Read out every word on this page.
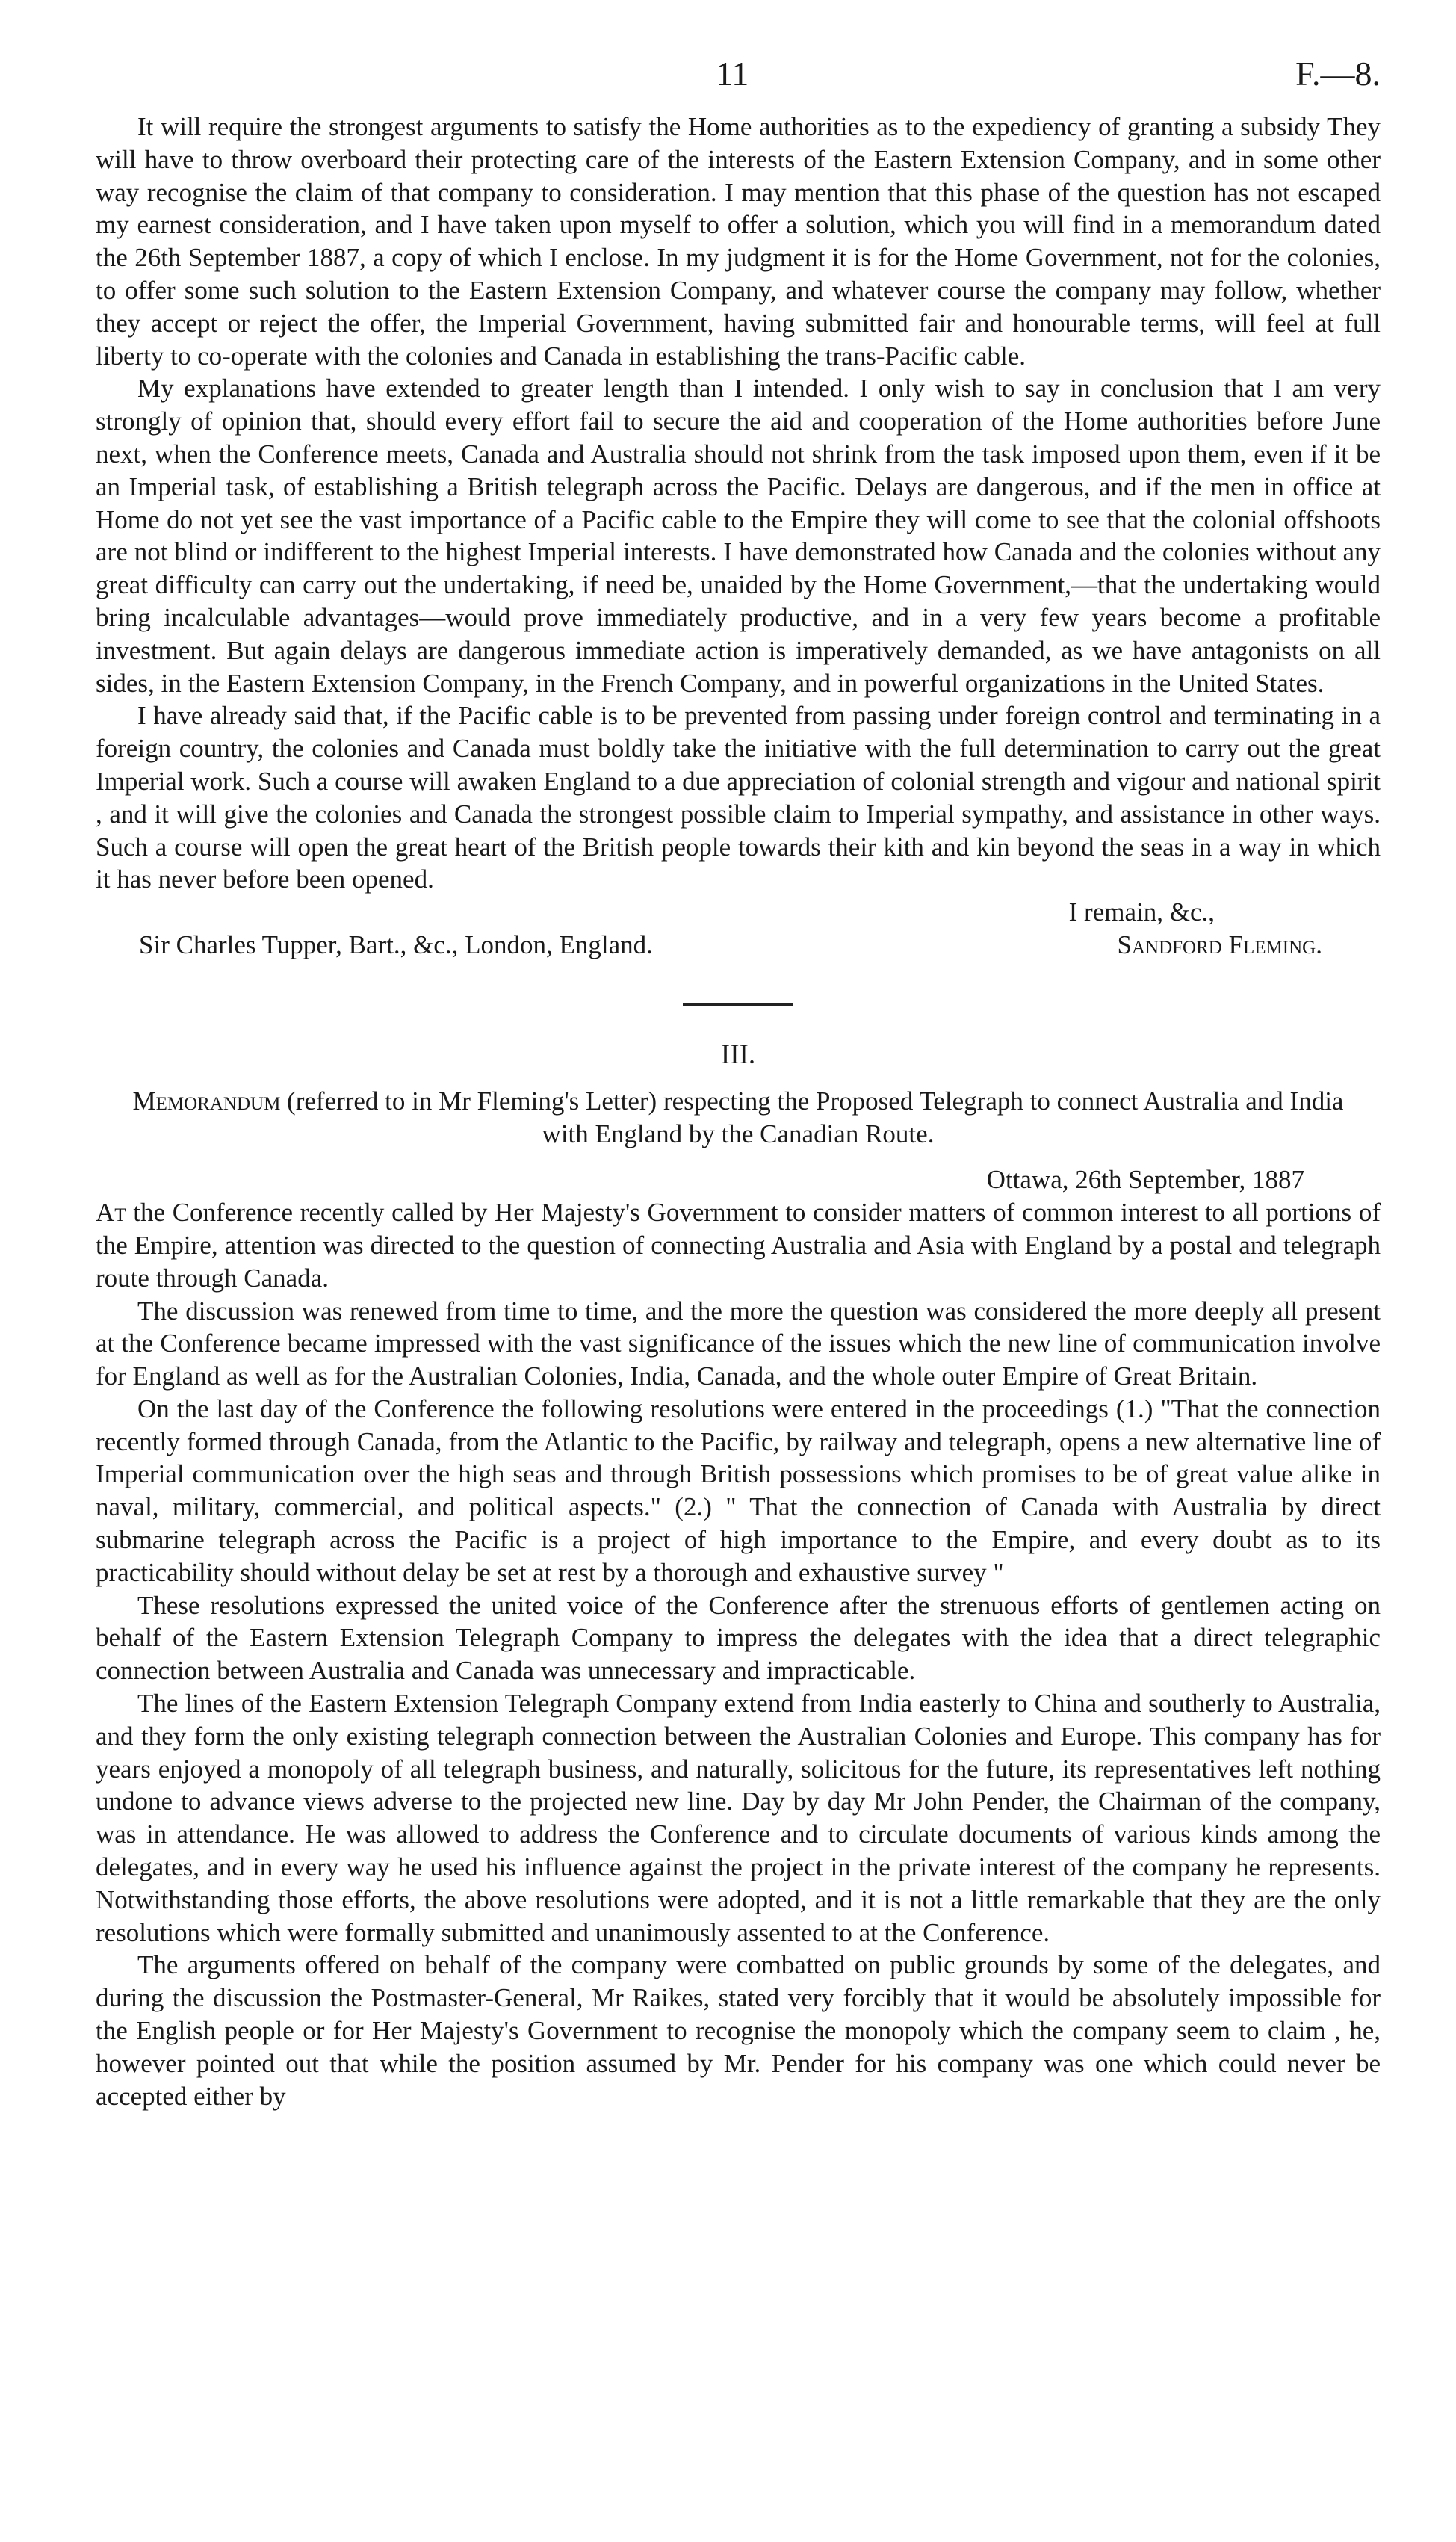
11	F.—8.

It will require the strongest arguments to satisfy the Home authorities as to the expediency of granting a subsidy They will have to throw overboard their protecting care of the interests of the Eastern Extension Company, and in some other way recognise the claim of that company to consideration. I may mention that this phase of the question has not escaped my earnest consideration, and I have taken upon myself to offer a solution, which you will find in a memorandum dated the 26th September 1887, a copy of which I enclose. In my judgment it is for the Home Government, not for the colonies, to offer some such solution to the Eastern Extension Company, and whatever course the company may follow, whether they accept or reject the offer, the Imperial Government, having submitted fair and honourable terms, will feel at full liberty to co-operate with the colonies and Canada in establishing the trans-Pacific cable.

My explanations have extended to greater length than I intended. I only wish to say in conclusion that I am very strongly of opinion that, should every effort fail to secure the aid and cooperation of the Home authorities before June next, when the Conference meets, Canada and Australia should not shrink from the task imposed upon them, even if it be an Imperial task, of establishing a British telegraph across the Pacific. Delays are dangerous, and if the men in office at Home do not yet see the vast importance of a Pacific cable to the Empire they will come to see that the colonial offshoots are not blind or indifferent to the highest Imperial interests. I have demonstrated how Canada and the colonies without any great difficulty can carry out the undertaking, if need be, unaided by the Home Government,—that the undertaking would bring incalculable advantages—would prove immediately productive, and in a very few years become a profitable investment. But again delays are dangerous immediate action is imperatively demanded, as we have antagonists on all sides, in the Eastern Extension Company, in the French Company, and in powerful organizations in the United States.

I have already said that, if the Pacific cable is to be prevented from passing under foreign control and terminating in a foreign country, the colonies and Canada must boldly take the initiative with the full determination to carry out the great Imperial work. Such a course will awaken England to a due appreciation of colonial strength and vigour and national spirit , and it will give the colonies and Canada the strongest possible claim to Imperial sympathy, and assistance in other ways. Such a course will open the great heart of the British people towards their kith and kin beyond the seas in a way in which it has never before been opened.

I remain, &c.,
Sir Charles Tupper, Bart., &c., London, England.	Sandford Fleming.
III.
Memorandum (referred to in Mr Fleming's Letter) respecting the Proposed Telegraph to connect Australia and India with England by the Canadian Route.
Ottawa, 26th September, 1887

At the Conference recently called by Her Majesty's Government to consider matters of common interest to all portions of the Empire, attention was directed to the question of connecting Australia and Asia with England by a postal and telegraph route through Canada.

The discussion was renewed from time to time, and the more the question was considered the more deeply all present at the Conference became impressed with the vast significance of the issues which the new line of communication involve for England as well as for the Australian Colonies, India, Canada, and the whole outer Empire of Great Britain.

On the last day of the Conference the following resolutions were entered in the proceedings (1.) "That the connection recently formed through Canada, from the Atlantic to the Pacific, by railway and telegraph, opens a new alternative line of Imperial communication over the high seas and through British possessions which promises to be of great value alike in naval, military, commercial, and political aspects." (2.) " That the connection of Canada with Australia by direct submarine telegraph across the Pacific is a project of high importance to the Empire, and every doubt as to its practicability should without delay be set at rest by a thorough and exhaustive survey "

These resolutions expressed the united voice of the Conference after the strenuous efforts of gentlemen acting on behalf of the Eastern Extension Telegraph Company to impress the delegates with the idea that a direct telegraphic connection between Australia and Canada was unnecessary and impracticable.

The lines of the Eastern Extension Telegraph Company extend from India easterly to China and southerly to Australia, and they form the only existing telegraph connection between the Australian Colonies and Europe. This company has for years enjoyed a monopoly of all telegraph business, and naturally, solicitous for the future, its representatives left nothing undone to advance views adverse to the projected new line. Day by day Mr John Pender, the Chairman of the company, was in attendance. He was allowed to address the Conference and to circulate documents of various kinds among the delegates, and in every way he used his influence against the project in the private interest of the company he represents. Notwithstanding those efforts, the above resolutions were adopted, and it is not a little remarkable that they are the only resolutions which were formally submitted and unanimously assented to at the Conference.

The arguments offered on behalf of the company were combatted on public grounds by some of the delegates, and during the discussion the Postmaster-General, Mr Raikes, stated very forcibly that it would be absolutely impossible for the English people or for Her Majesty's Government to recognise the monopoly which the company seem to claim , he, however pointed out that while the position assumed by Mr. Pender for his company was one which could never be accepted either by
